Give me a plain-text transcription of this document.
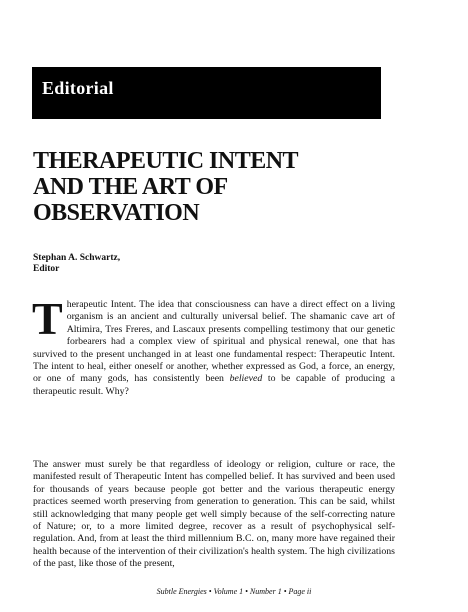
Editorial
THERAPEUTIC INTENT
AND THE ART OF
OBSERVATION
Stephan A. Schwartz,
Editor

Therapeutic Intent. The idea that consciousness can have a direct effect on a living organism is an ancient and culturally universal belief. The shamanic cave art of Altimira, Tres Freres, and Lascaux presents compelling testimony that our genetic forbearers had a complex view of spiritual and physical renewal, one that has survived to the present unchanged in at least one fundamental respect: Therapeutic Intent. The intent to heal, either oneself or another, whether expressed as God, a force, an energy, or one of many gods, has consistently been believed to be capable of producing a therapeutic result. Why?

The answer must surely be that regardless of ideology or religion, culture or race, the manifested result of Therapeutic Intent has compelled belief. It has survived and been used for thousands of years because people got better and the various therapeutic energy practices seemed worth preserving from generation to generation. This can be said, whilst still acknowledging that many people get well simply because of the self-correcting nature of Nature; or, to a more limited degree, recover as a result of psychophysical self-regulation. And, from at least the third millennium B.C. on, many more have regained their health because of the intervention of their civilization's health system. The high civilizations of the past, like those of the present,

Subtle Energies • Volume 1 • Number 1 • Page ii
